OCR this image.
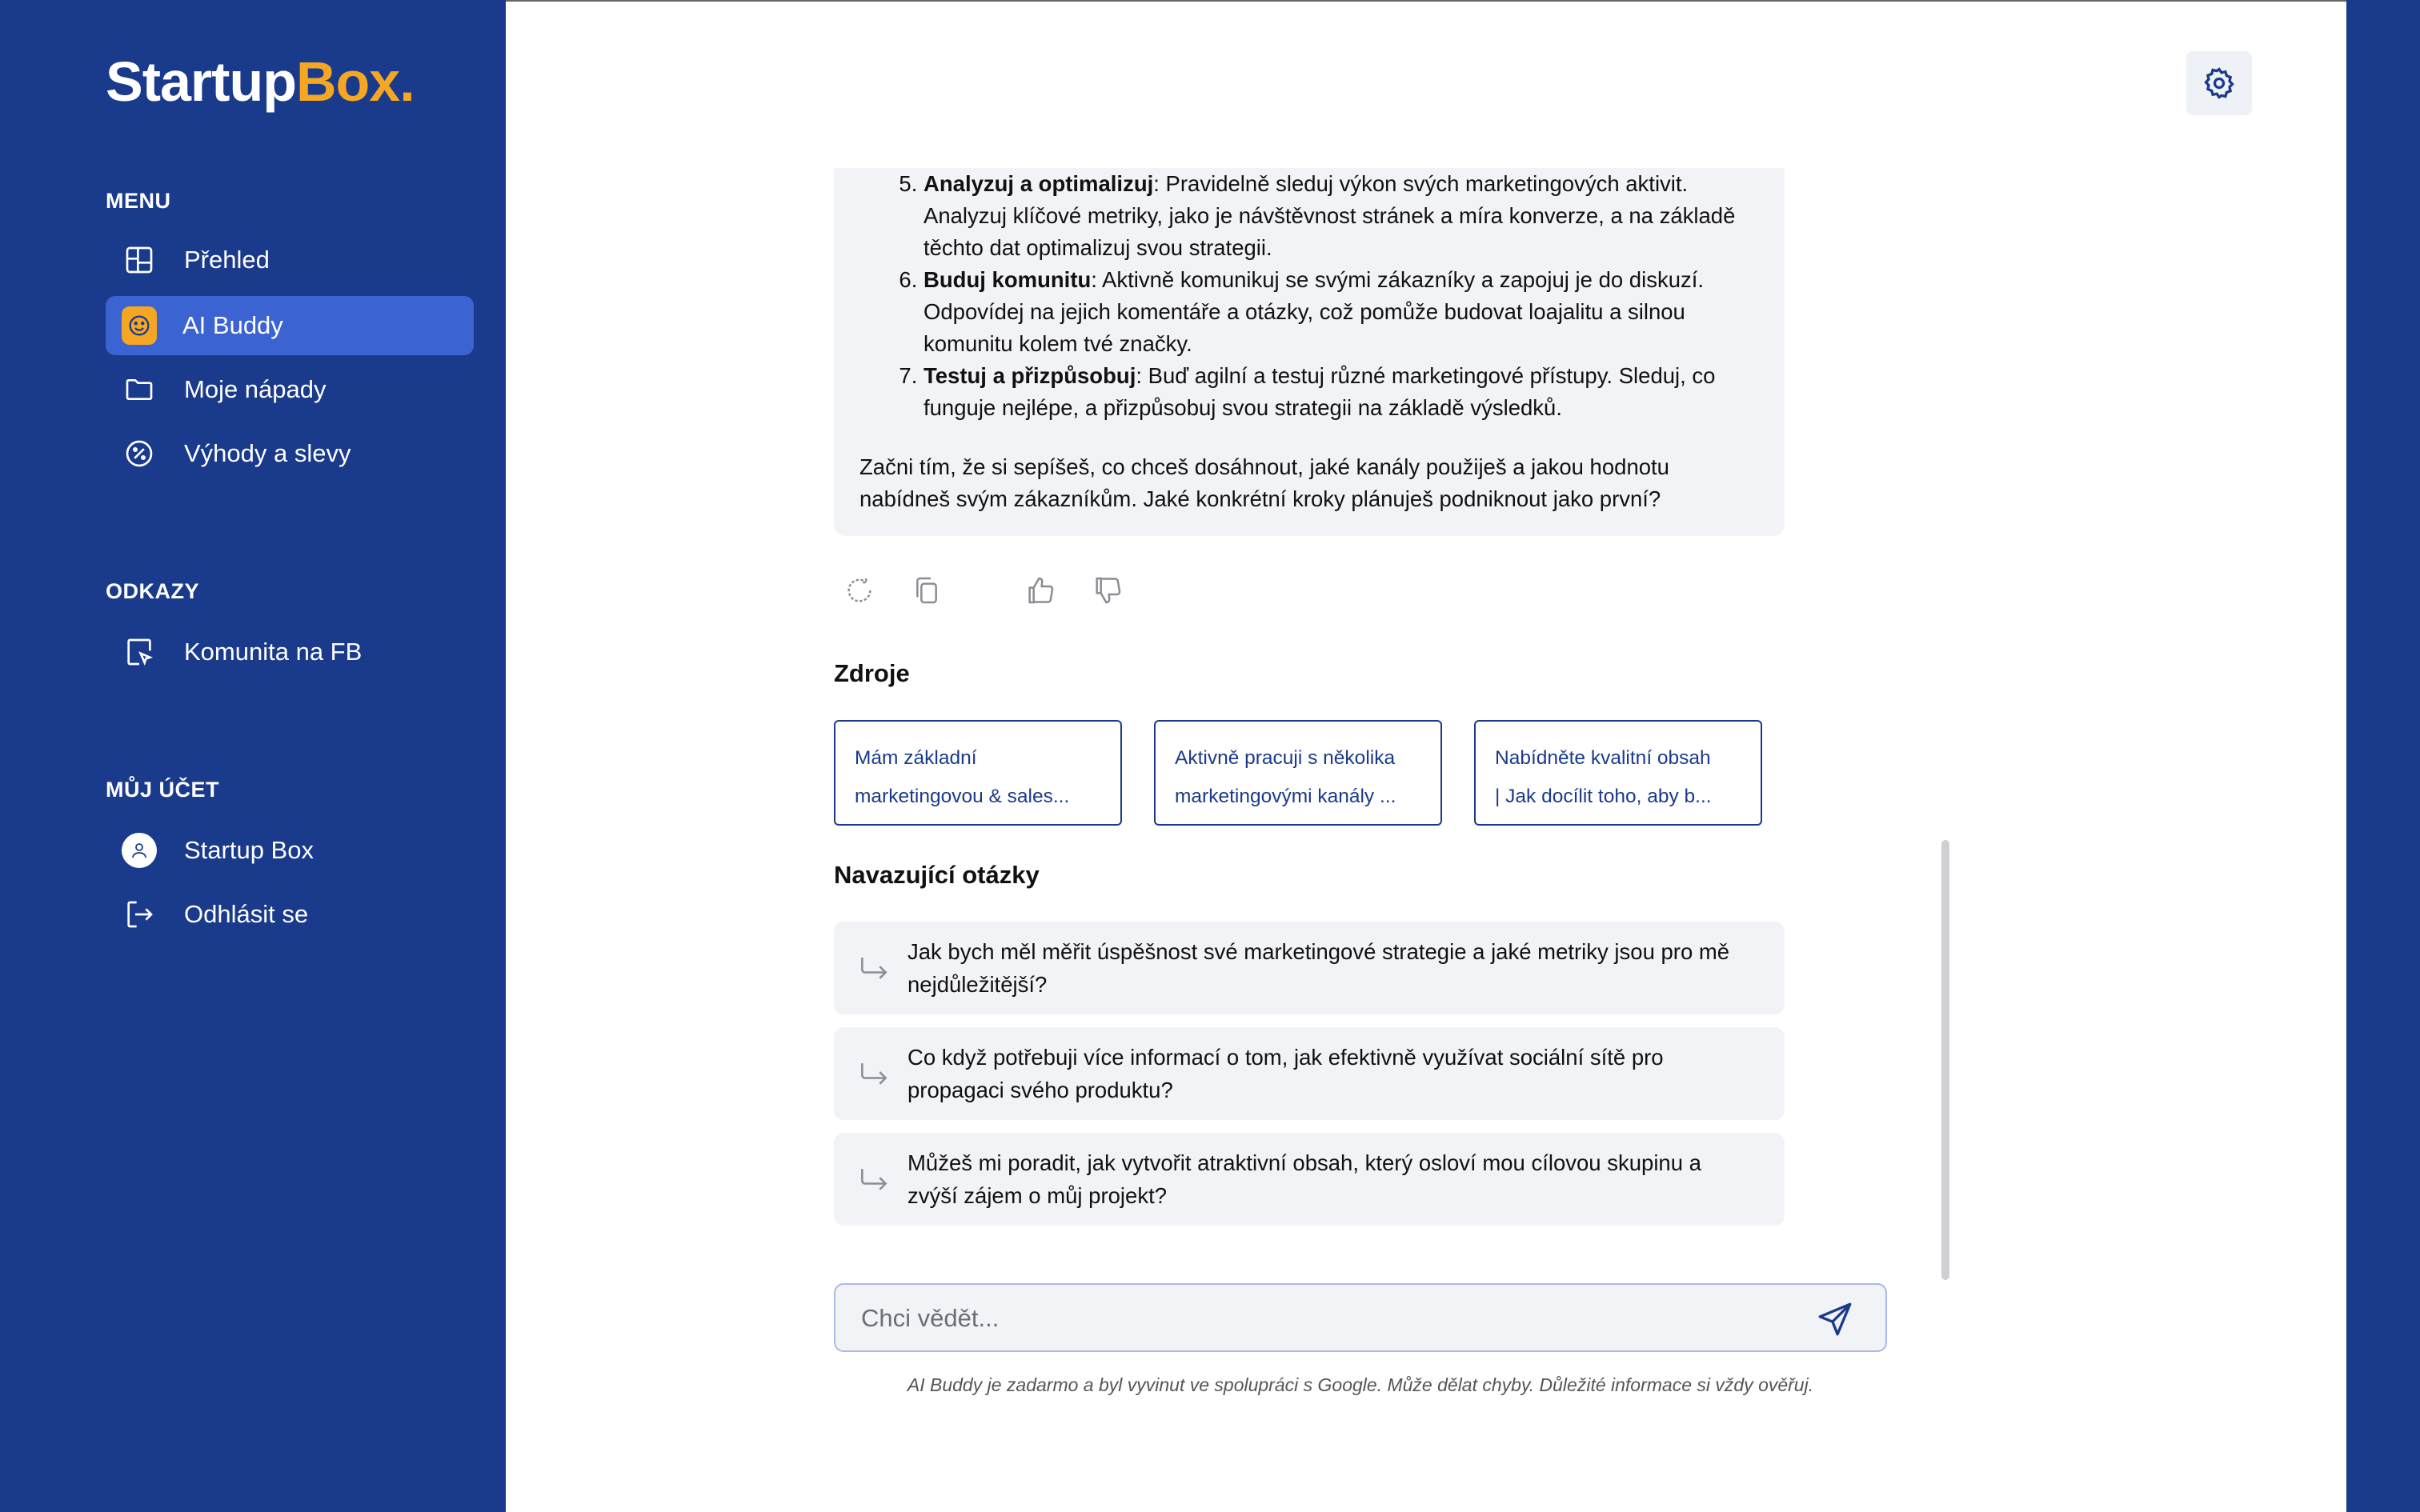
StartupBox.
MENU
Přehled
AI Buddy
Moje nápady
Výhody a slevy
ODKAZY
Komunita na FB
MŮJ ÚČET
Startup Box
Odhlásit se
5. Analyzuj a optimalizuj: Pravidelně sleduj výkon svých marketingových aktivit. Analyzuj klíčové metriky, jako je návštěvnost stránek a míra konverze, a na základě těchto dat optimalizuj svou strategii.
6. Buduj komunitu: Aktivně komunikuj se svými zákazníky a zapojuj je do diskuzí. Odpovídej na jejich komentáře a otázky, což pomůže budovat loajalitu a silnou komunitu kolem tvé značky.
7. Testuj a přizpůsobuj: Buď agilní a testuj různé marketingové přístupy. Sleduj, co funguje nejlépe, a přizpůsobuj svou strategii na základě výsledků.

Začni tím, že si sepíšeš, co chceš dosáhnout, jaké kanály použiješ a jakou hodnotu nabídneš svým zákazníkům. Jaké konkrétní kroky plánuješ podniknout jako první?

Zdroje
Mám základní
marketingovou & sales...
Aktivně pracuji s několika
marketingovými kanály ...
Nabídněte kvalitní obsah
| Jak docílit toho, aby b...
Navazující otázky
Jak bych měl měřit úspěšnost své marketingové strategie a jaké metriky jsou pro mě nejdůležitější?
Co když potřebuji více informací o tom, jak efektivně využívat sociální sítě pro propagaci svého produktu?
Můžeš mi poradit, jak vytvořit atraktivní obsah, který osloví mou cílovou skupinu a zvýší zájem o můj projekt?
Chci vědět...
AI Buddy je zadarmo a byl vyvinut ve spolupráci s Google. Může dělat chyby. Důležité informace si vždy ověřuj.
